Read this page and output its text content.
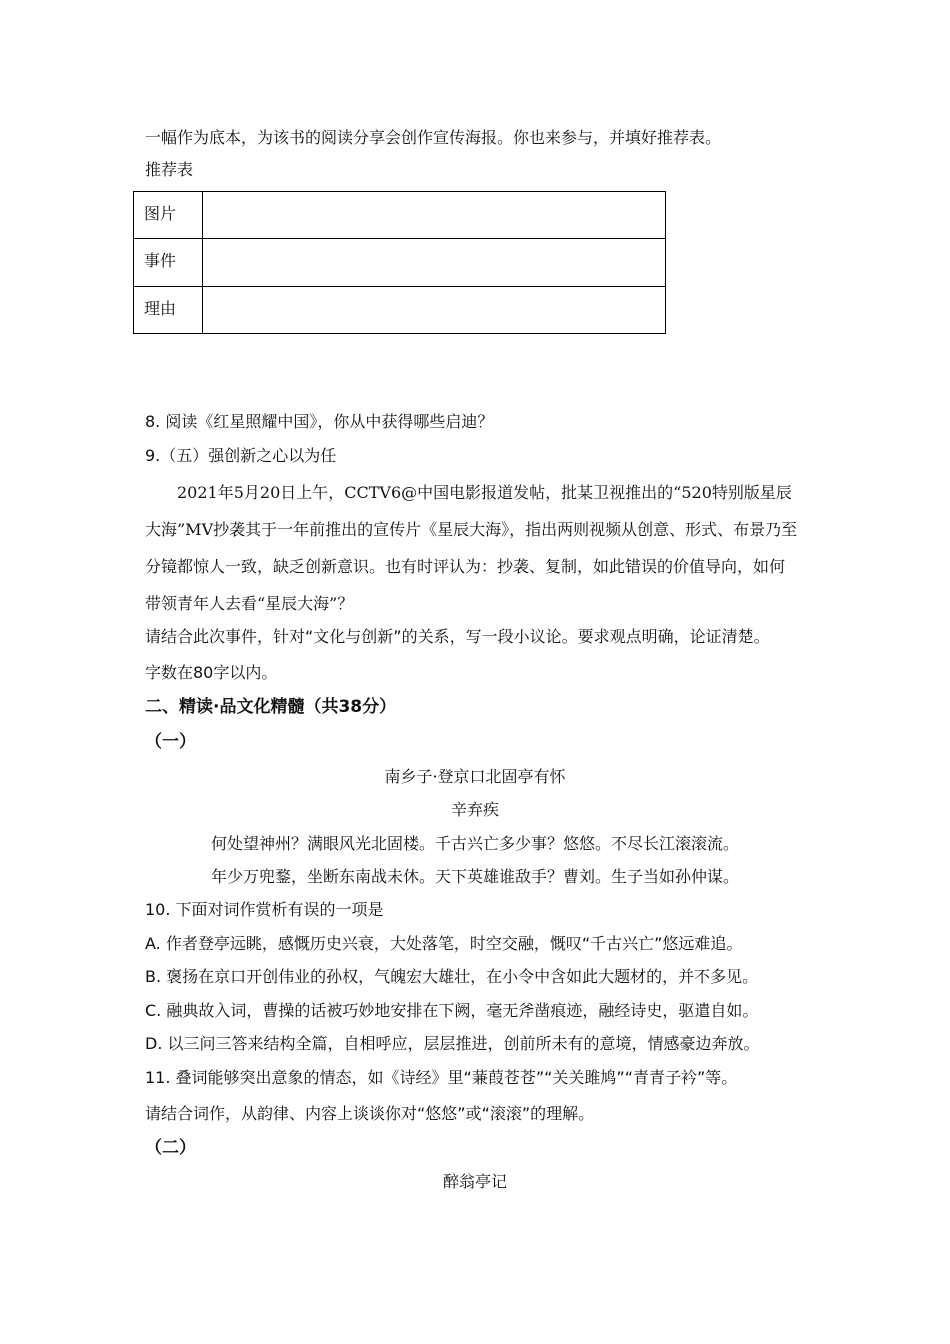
一幅作为底本，为该书的阅读分享会创作宣传海报。你也来参与，并填好推荐表。
推荐表
图片	
事件	
理由	
8. 阅读《红星照耀中国》，你从中获得哪些启迪？
9.（五）强创新之心以为任
2021年5月20日上午，CCTV6@中国电影报道发帖，批某卫视推出的“520特别版星辰
大海”MV抄袭其于一年前推出的宣传片《星辰大海》，指出两则视频从创意、形式、布景乃至
分镜都惊人一致，缺乏创新意识。也有时评认为：抄袭、复制，如此错误的价值导向，如何
带领青年人去看“星辰大海”？
请结合此次事件，针对“文化与创新”的关系，写一段小议论。要求观点明确，论证清楚。
字数在80字以内。
二、精读·品文化精髓（共38分）
（一）
南乡子·登京口北固亭有怀
辛弃疾
何处望神州？满眼风光北固楼。千古兴亡多少事？悠悠。不尽长江滚滚流。
年少万兜鍪，坐断东南战未休。天下英雄谁敌手？曹刘。生子当如孙仲谋。
10. 下面对词作赏析有误的一项是
A. 作者登亭远眺，感慨历史兴衰，大处落笔，时空交融，慨叹“千古兴亡”悠远难追。
B. 褒扬在京口开创伟业的孙权，气魄宏大雄壮，在小令中含如此大题材的，并不多见。
C. 融典故入词，曹操的话被巧妙地安排在下阙，毫无斧凿痕迹，融经诗史，驱遣自如。
D. 以三问三答来结构全篇，自相呼应，层层推进，创前所未有的意境，情感豪边奔放。
11. 叠词能够突出意象的情态，如《诗经》里“蒹葭苍苍”“关关雎鸠”“青青子衿”等。
请结合词作，从韵律、内容上谈谈你对“悠悠”或“滚滚”的理解。
（二）
醉翁亭记
